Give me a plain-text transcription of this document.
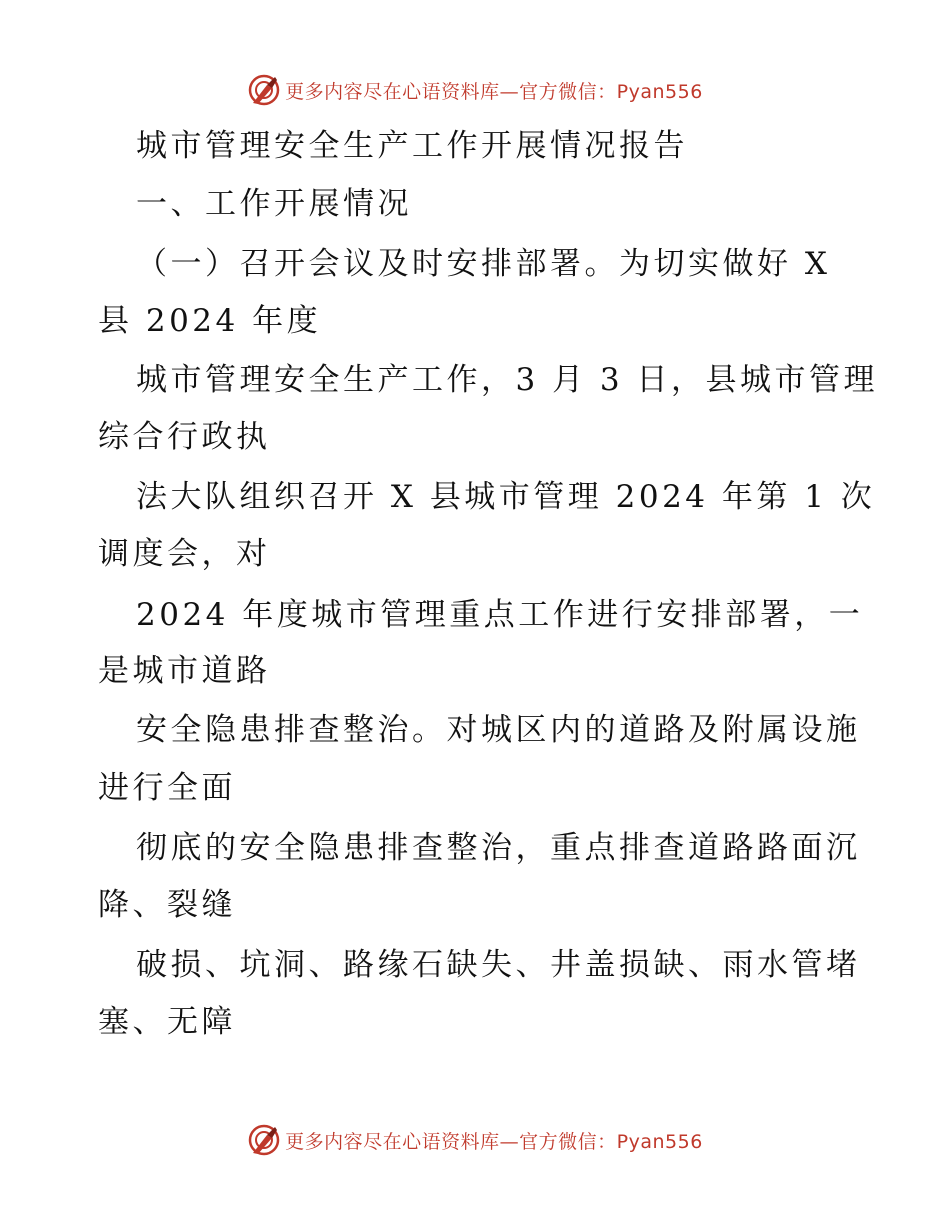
更多内容尽在心语资料库—官方微信：Pyan556
城市管理安全生产工作开展情况报告
一、工作开展情况
（一）召开会议及时安排部署。为切实做好 X
县 2024 年度
城市管理安全生产工作，3 月 3 日，县城市管理
综合行政执
法大队组织召开 X 县城市管理 2024 年第 1 次
调度会，对
2024 年度城市管理重点工作进行安排部署，一
是城市道路
安全隐患排查整治。对城区内的道路及附属设施
进行全面
彻底的安全隐患排查整治，重点排查道路路面沉
降、裂缝
破损、坑洞、路缘石缺失、井盖损缺、雨水管堵
塞、无障
更多内容尽在心语资料库—官方微信：Pyan556
